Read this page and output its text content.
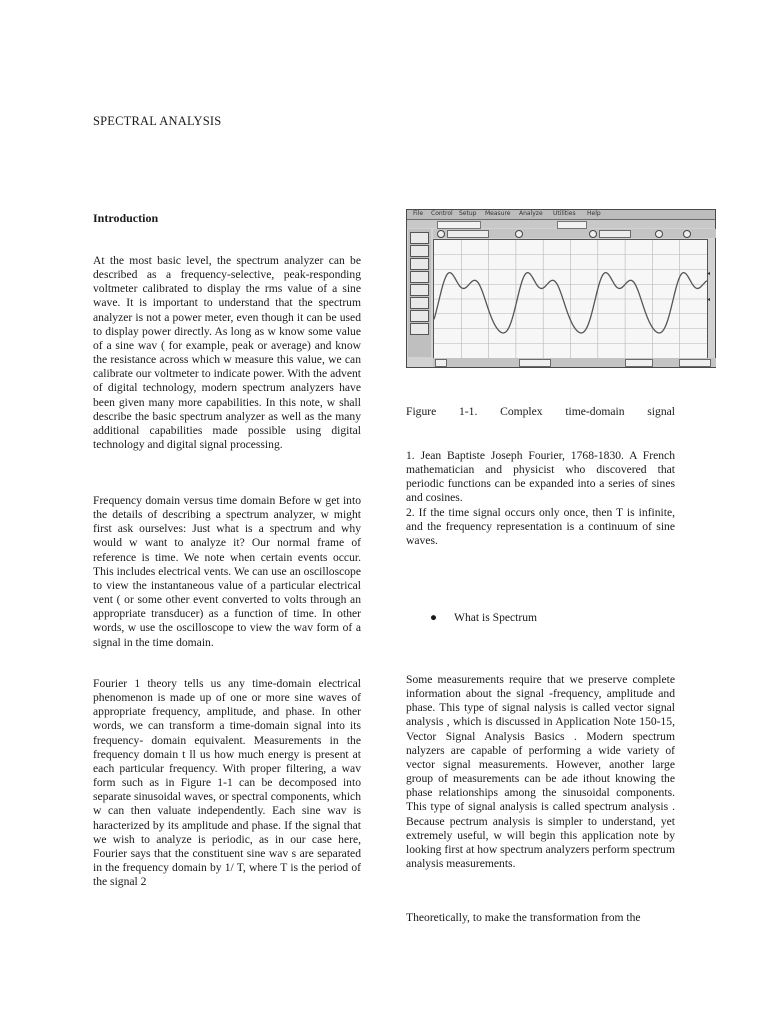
SPECTRAL ANALYSIS
Introduction
At the most basic level, the spectrum analyzer can be described as a frequency-selective, peak-responding voltmeter calibrated to display the rms value of a sine wave. It is important to understand that the spectrum analyzer is not a power meter, even though it can be used to display power directly. As long as w know some value of a sine wav ( for example, peak or average) and know the resistance across which w measure this value, we can calibrate our voltmeter to indicate power. With the advent of digital technology, modern spectrum analyzers have been given many more capabilities. In this note, w shall describe the basic spectrum analyzer as well as the many additional capabilities made possible using digital technology and digital signal processing.
Frequency domain versus time domain Before w get into the details of describing a spectrum analyzer, w might first ask ourselves: Just what is a spectrum and why would w want to analyze it? Our normal frame of reference is time. We note when certain events occur. This includes electrical vents. We can use an oscilloscope to view the instantaneous value of a particular electrical vent ( or some other event converted to volts through an appropriate transducer) as a function of time. In other words, w use the oscilloscope to view the wav form of a signal in the time domain.
Fourier 1 theory tells us any time-domain electrical phenomenon is made up of one or more sine waves of appropriate frequency, amplitude, and phase. In other words, we can transform a time-domain signal into its frequency- domain equivalent. Measurements in the frequency domain t ll us how much energy is present at each particular frequency. With proper filtering, a wav form such as in Figure 1-1 can be decomposed into separate sinusoidal waves, or spectral components, which w can then valuate independently. Each sine wav is haracterized by its amplitude and phase. If the signal that we wish to analyze is periodic, as in our case here, Fourier says that the constituent sine wav s are separated in the frequency domain by 1/ T, where T is the period of the signal 2
File Control Setup Measure Analyze Utilities Help
◂
◂
Figure 1-1. Complex time-domain signal
1. Jean Baptiste Joseph Fourier, 1768-1830. A French mathematician and physicist who discovered that periodic functions can be expanded into a series of sines and cosines.
2. If the time signal occurs only once, then T is infinite, and the frequency representation is a continuum of sine waves.
● What is Spectrum
Some measurements require that we preserve complete information about the signal -frequency, amplitude and phase. This type of signal nalysis is called vector signal analysis , which is discussed in Application Note 150-15, Vector Signal Analysis Basics . Modern spectrum nalyzers are capable of performing a wide variety of vector signal measurements. However, another large group of measurements can be ade ithout knowing the phase relationships among the sinusoidal components. This type of signal analysis is called spectrum analysis . Because pectrum analysis is simpler to understand, yet extremely useful, w will begin this application note by looking first at how spectrum analyzers perform spectrum analysis measurements.
Theoretically, to make the transformation from the
